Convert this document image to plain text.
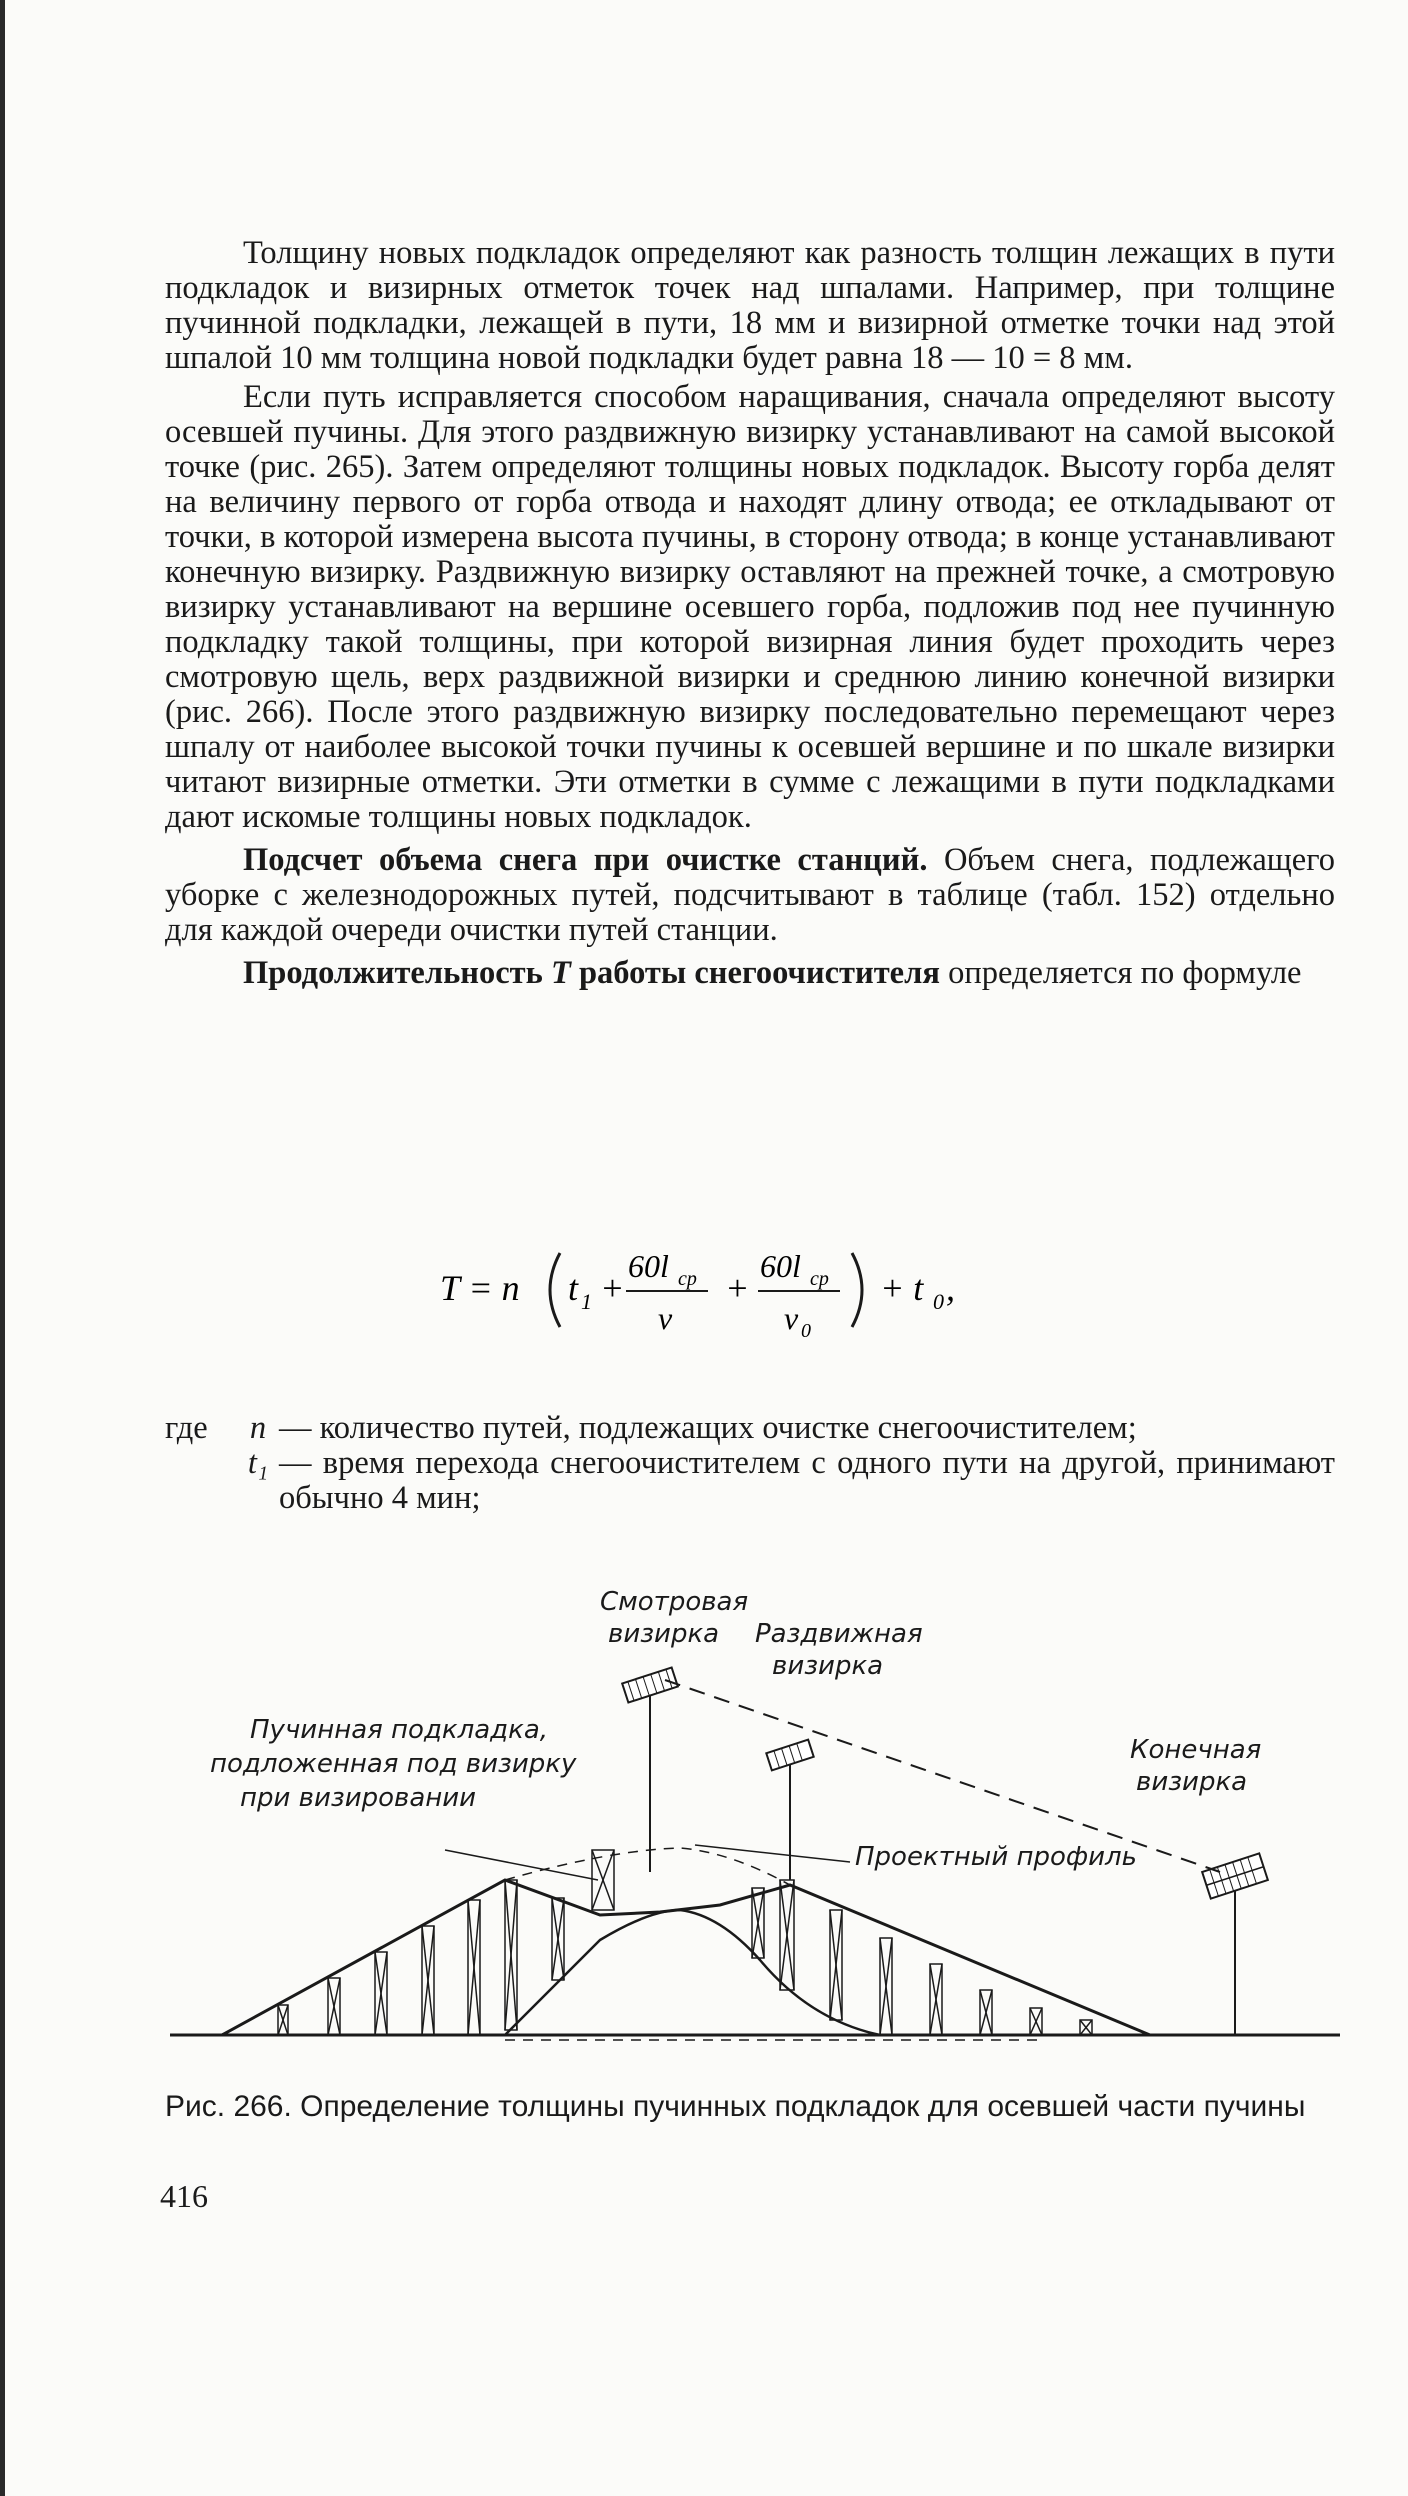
Толщину новых подкладок определяют как разность толщин лежащих в пути подкладок и визирных отметок точек над шпалами. Например, при толщине пучинной подкладки, лежащей в пути, 18 мм и визирной отметке точки над этой шпалой 10 мм толщина новой подкладки будет равна 18 — 10 = 8 мм.

Если путь исправляется способом наращивания, сначала определяют высоту осевшей пучины. Для этого раздвижную визирку устанавливают на самой высокой точке (рис. 265). Затем определяют толщины новых подкладок. Высоту горба делят на величину первого от горба отвода и находят длину отвода; ее откладывают от точки, в которой измерена высота пучины, в сторону отвода; в конце устанавливают конечную визирку. Раздвижную визирку оставляют на прежней точке, а смотровую визирку устанавливают на вершине осевшего горба, подложив под нее пучинную подкладку такой толщины, при которой визирная линия будет проходить через смотровую щель, верх раздвижной визирки и среднюю линию конечной визирки (рис. 266). После этого раздвижную визирку последовательно перемещают через шпалу от наиболее высокой точки пучины к осевшей вершине и по шкале визирки читают визирные отметки. Эти отметки в сумме с лежащими в пути подкладками дают искомые толщины новых подкладок.

Подсчет объема снега при очистке станций. Объем снега, подлежащего уборке с железнодорожных путей, подсчитывают в таблице (табл. 152) отдельно для каждой очереди очистки путей станции.

Продолжительность T работы снегоочистителя определяется по формуле

T = n t 1 +
60l ср
v
+
60l ср
v 0
+ t 0 ,
где	n — количество путей, подлежащих очистке снегоочистителем;
t₁ — время перехода снегоочистителем с одного пути на другой, принимают обычно 4 мин;
Смотровая
визирка Раздвижная
визирка
Конечная
визирка
Пучинная подкладка,
подложенная под визирку
при визировании
Проектный профиль
Рис. 266. Определение толщины пучинных подкладок для осевшей части пучины
416
